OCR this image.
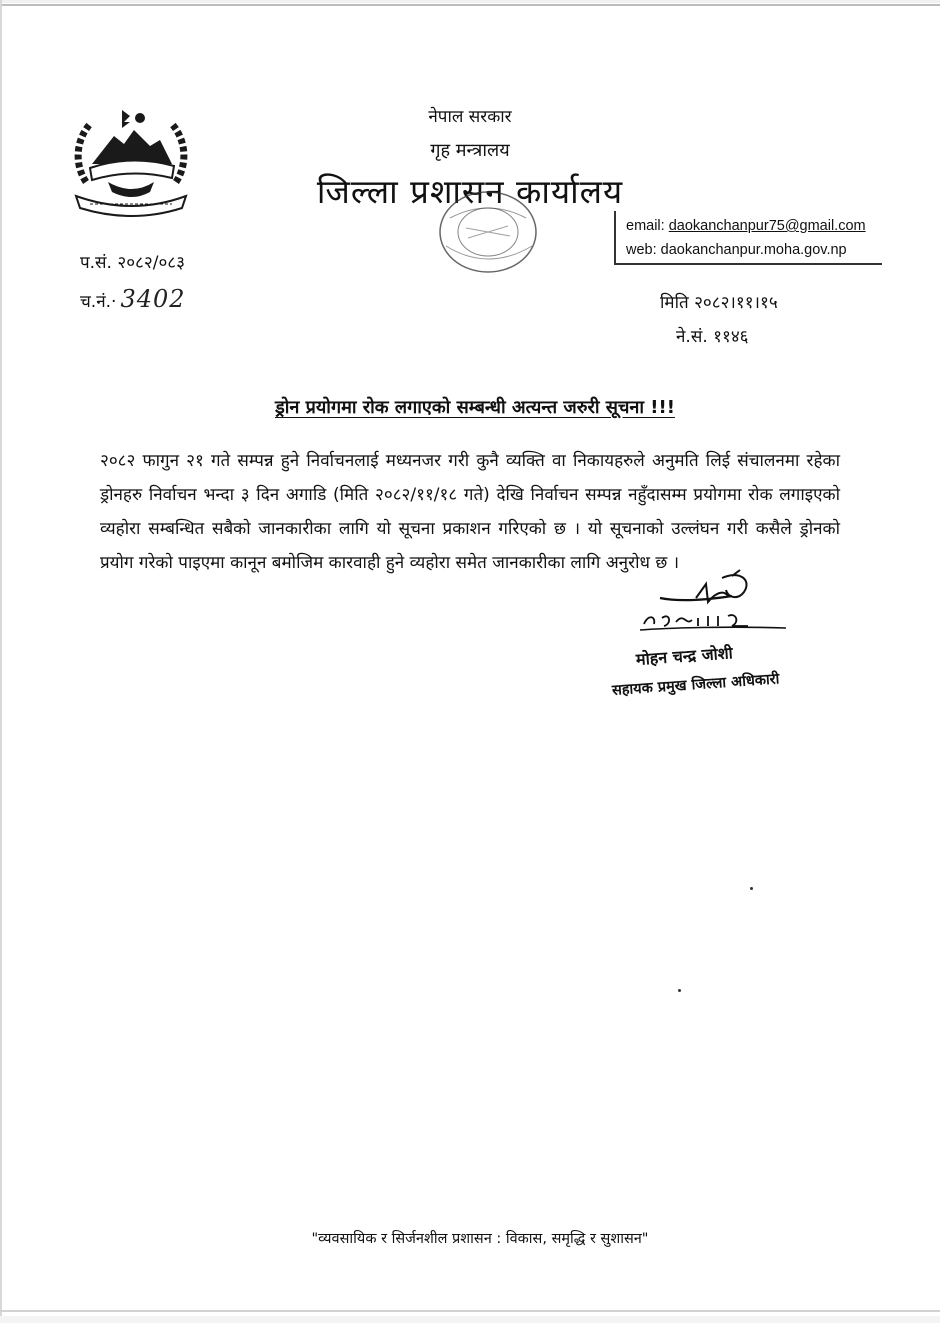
नेपाल सरकार
गृह मन्त्रालय
जिल्ला प्रशासन कार्यालय
email: daokanchanpur75@gmail.com
web: daokanchanpur.moha.gov.np
प.सं. २०८२/०८३
च.नं.· 3402	मिति २०८२।११।१५
ने.सं. ११४६
ड्रोन प्रयोगमा रोक लगाएको सम्बन्धी अत्यन्त जरुरी सूचना !!!

२०८२ फागुन २१ गते सम्पन्न हुने निर्वाचनलाई मध्यनजर गरी कुनै व्यक्ति वा निकायहरुले अनुमति लिई संचालनमा रहेका ड्रोनहरु निर्वाचन भन्दा ३ दिन अगाडि (मिति २०८२/११/१८ गते) देखि निर्वाचन सम्पन्न नहुँदासम्म प्रयोगमा रोक लगाइएको व्यहोरा सम्बन्धित सबैको जानकारीका लागि यो सूचना प्रकाशन गरिएको छ । यो सूचनाको उल्लंघन गरी कसैले ड्रोनको प्रयोग गरेको पाइएमा कानून बमोजिम कारवाही हुने व्यहोरा समेत जानकारीका लागि अनुरोध छ ।

मोहन चन्द्र जोशी
सहायक प्रमुख जिल्ला अधिकारी
"व्यवसायिक र सिर्जनशील प्रशासन : विकास, समृद्धि र सुशासन"
